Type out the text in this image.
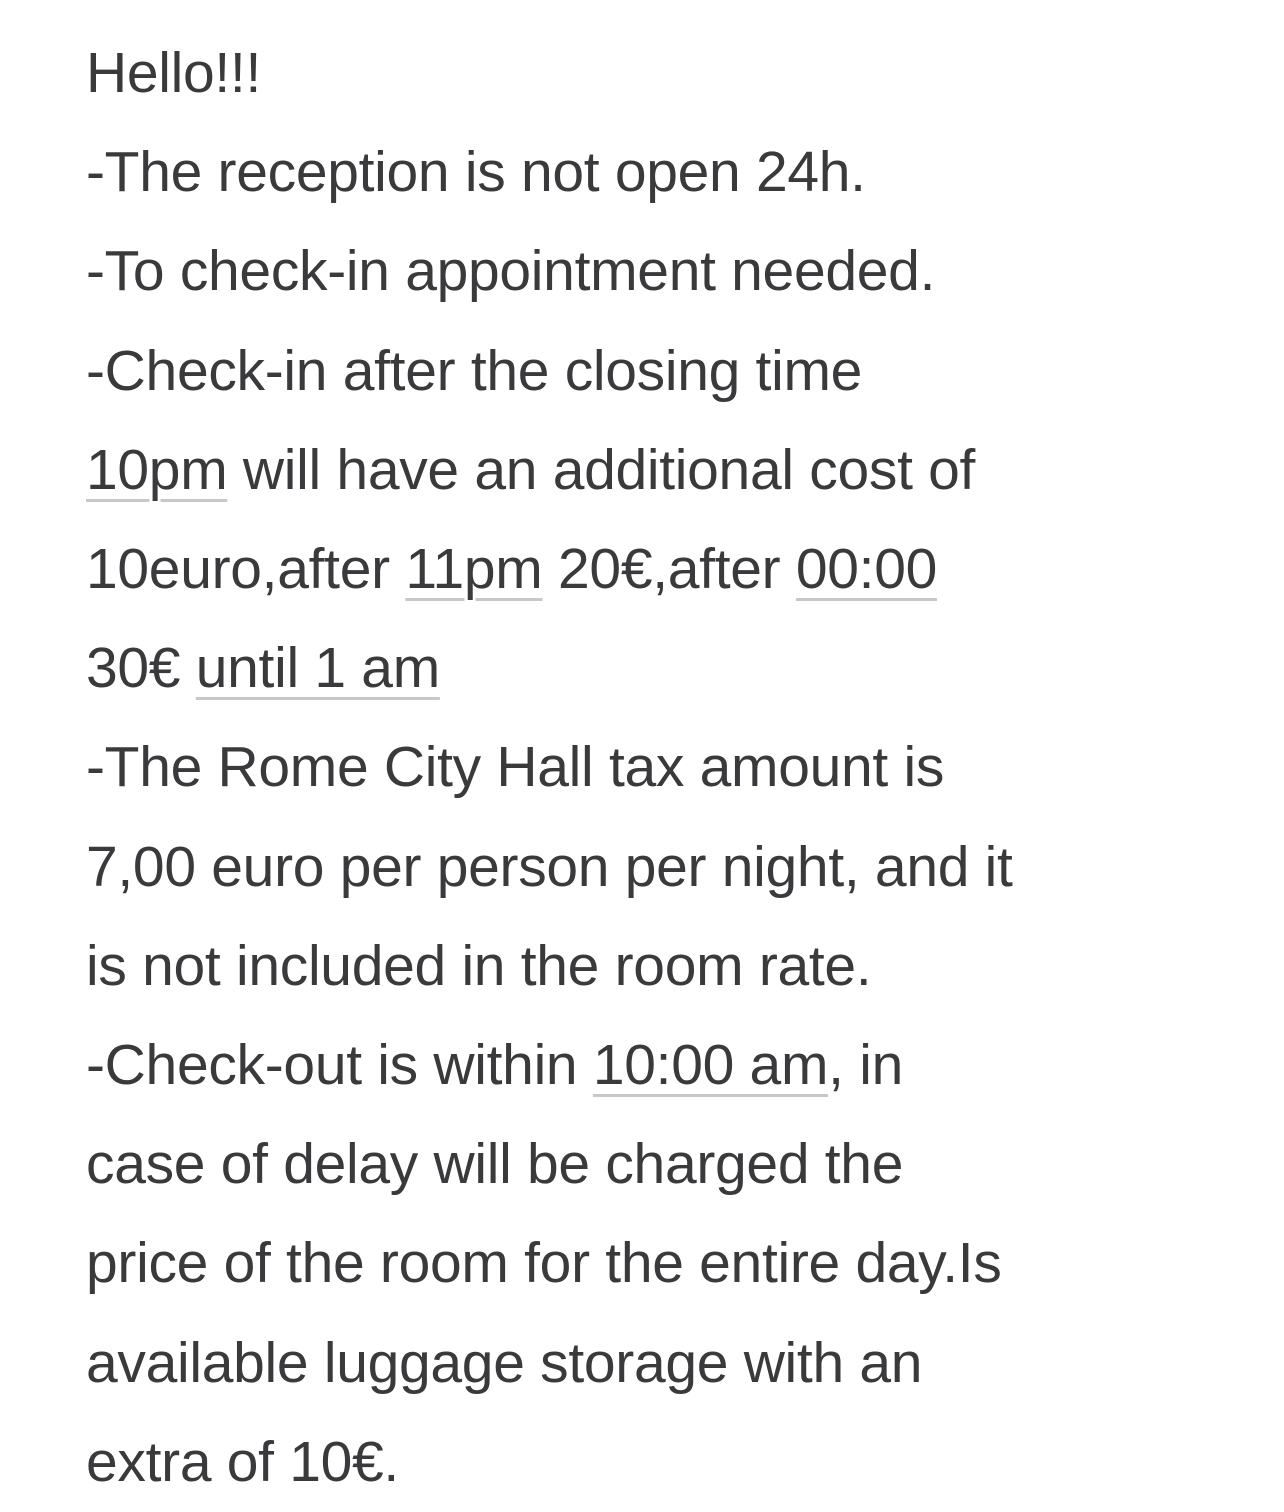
Hello!!!
-The reception is not open 24h.
-To check-in appointment needed.
-Check-in after the closing time
10pm will have an additional cost of
10euro,after 11pm 20€,after 00:00
30€ until 1 am
-The Rome City Hall tax amount is
7,00 euro per person per night, and it
is not included in the room rate.
-Check-out is within 10:00 am, in
case of delay will be charged the
price of the room for the entire day.Is
available luggage storage with an
extra of 10€.
